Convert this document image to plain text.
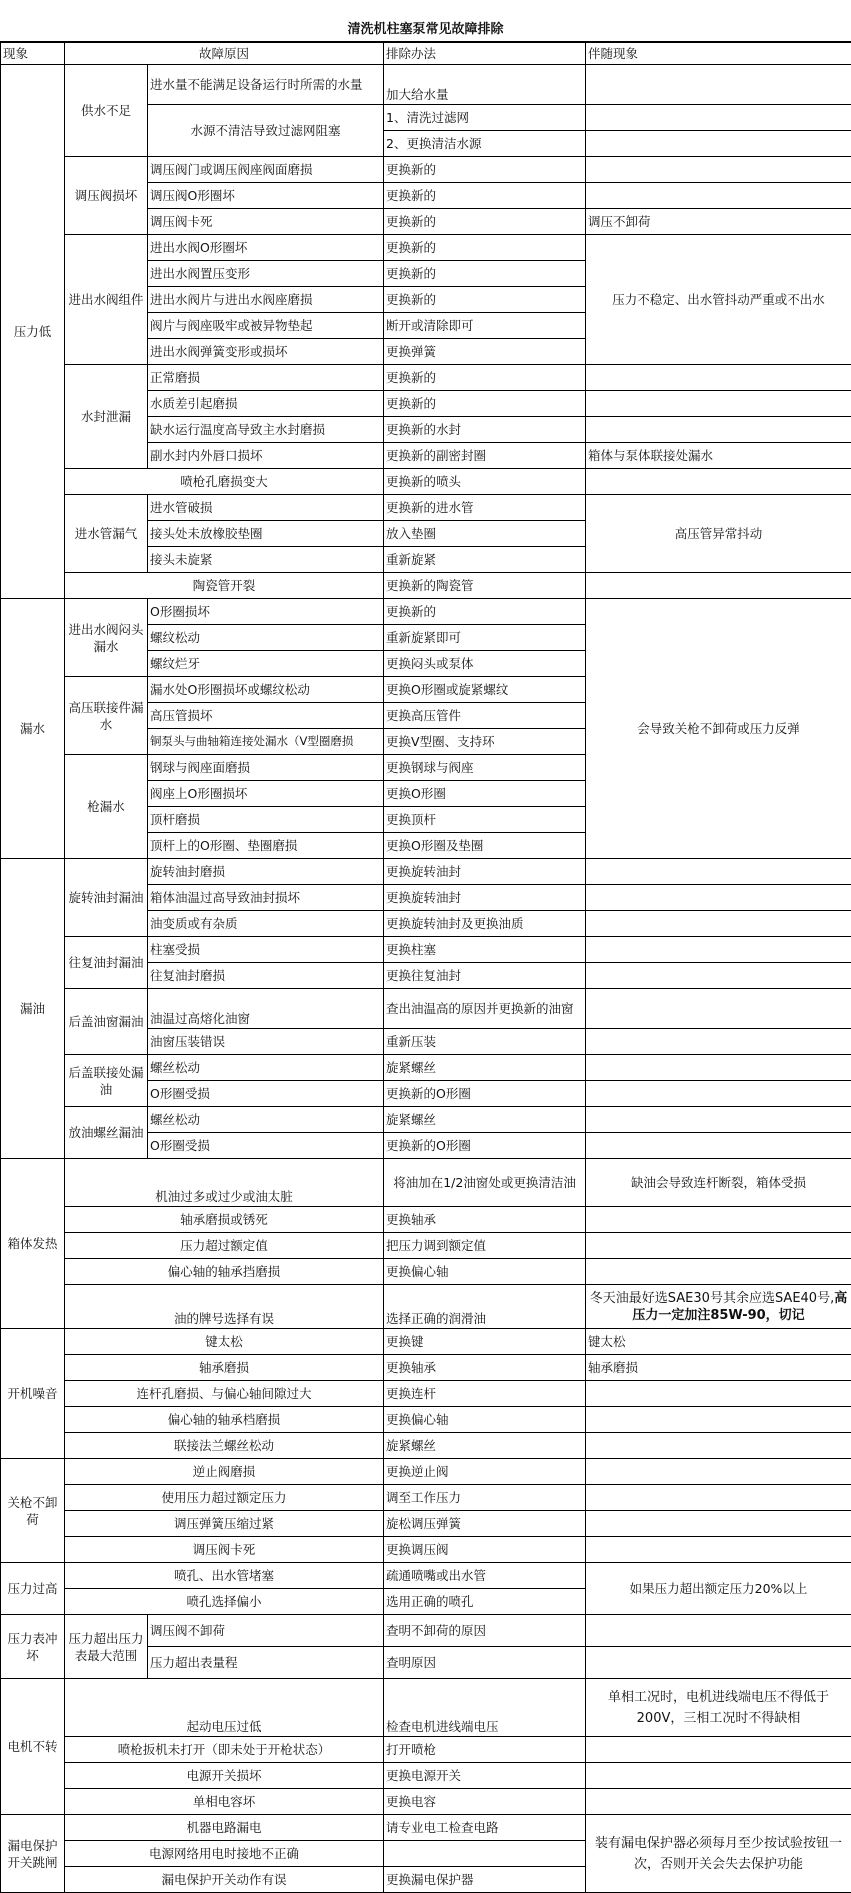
清洗机柱塞泵常见故障排除
现象	故障原因		排除办法	伴随现象
压力低	供水不足	进水量不能满足设备运行时所需的水量	加大给水量	
		水源不清洁导致过滤网阻塞	1、清洗过滤网	
			2、更换清洁水源	
	调压阀损坏	调压阀门或调压阀座阀面磨损	更换新的	
		调压阀O形圈坏	更换新的	
		调压阀卡死	更换新的	调压不卸荷
	进出水阀组件	进出水阀O形圈坏	更换新的	压力不稳定、出水管抖动严重或不出水
		进出水阀置压变形	更换新的	
		进出水阀片与进出水阀座磨损	更换新的	
		阀片与阀座吸牢或被异物垫起	断开或清除即可	
		进出水阀弹簧变形或损坏	更换弹簧	
	水封泄漏	正常磨损	更换新的	
		水质差引起磨损	更换新的	
		缺水运行温度高导致主水封磨损	更换新的水封	
		副水封内外唇口损坏	更换新的副密封圈	箱体与泵体联接处漏水
	喷枪孔磨损变大		更换新的喷头	
	进水管漏气	进水管破损	更换新的进水管	高压管异常抖动
		接头处未放橡胶垫圈	放入垫圈	
		接头未旋紧	重新旋紧	
	陶瓷管开裂		更换新的陶瓷管	
漏水	进出水阀闷头漏水	O形圈损坏	更换新的	会导致关枪不卸荷或压力反弹
		螺纹松动	重新旋紧即可	
		螺纹烂牙	更换闷头或泵体	
	高压联接件漏水	漏水处O形圈损坏或螺纹松动	更换O形圈或旋紧螺纹	
		高压管损坏	更换高压管件	
		铜泵头与曲轴箱连接处漏水（V型圈磨损	更换V型圈、支持环	
	枪漏水	钢球与阀座面磨损	更换钢球与阀座	
		阀座上O形圈损坏	更换O形圈	
		顶杆磨损	更换顶杆	
		顶杆上的O形圈、垫圈磨损	更换O形圈及垫圈	
漏油	旋转油封漏油	旋转油封磨损	更换旋转油封	
		箱体油温过高导致油封损坏	更换旋转油封	
		油变质或有杂质	更换旋转油封及更换油质	
	往复油封漏油	柱塞受损	更换柱塞	
		往复油封磨损	更换往复油封	
	后盖油窗漏油	油温过高熔化油窗	查出油温高的原因并更换新的油窗	
		油窗压装错误	重新压装	
	后盖联接处漏油	螺丝松动	旋紧螺丝	
		O形圈受损	更换新的O形圈	
	放油螺丝漏油	螺丝松动	旋紧螺丝	
		O形圈受损	更换新的O形圈	
箱体发热	机油过多或过少或油太脏		将油加在1/2油窗处或更换清洁油	缺油会导致连杆断裂，箱体受损
	轴承磨损或锈死		更换轴承	
	压力超过额定值		把压力调到额定值	
	偏心轴的轴承挡磨损		更换偏心轴	
	油的牌号选择有误		选择正确的润滑油	冬天油最好选SAE30号其余应选SAE40号,高压力一定加注85W-90，切记
开机噪音	键太松		更换键	键太松
	轴承磨损		更换轴承	轴承磨损
	连杆孔磨损、与偏心轴间隙过大		更换连杆	
	偏心轴的轴承档磨损		更换偏心轴	
	联接法兰螺丝松动		旋紧螺丝	
关枪不卸荷	逆止阀磨损		更换逆止阀	
	使用压力超过额定压力		调至工作压力	
	调压弹簧压缩过紧		旋松调压弹簧	
	调压阀卡死		更换调压阀	
压力过高	喷孔、出水管堵塞		疏通喷嘴或出水管	如果压力超出额定压力20%以上
	喷孔选择偏小		选用正确的喷孔	
压力表冲坏	压力超出压力表最大范围	调压阀不卸荷	查明不卸荷的原因	
		压力超出表量程	查明原因	
电机不转	起动电压过低		检查电机进线端电压	单相工况时，电机进线端电压不得低于200V，三相工况时不得缺相
	喷枪扳机未打开（即未处于开枪状态）		打开喷枪	
	电源开关损坏		更换电源开关	
	单相电容坏		更换电容	
漏电保护开关跳闸	机器电路漏电		请专业电工检查电路	装有漏电保护器必须每月至少按试验按钮一次，否则开关会失去保护功能
	电源网络用电时接地不正确			
	漏电保护开关动作有误		更换漏电保护器	
